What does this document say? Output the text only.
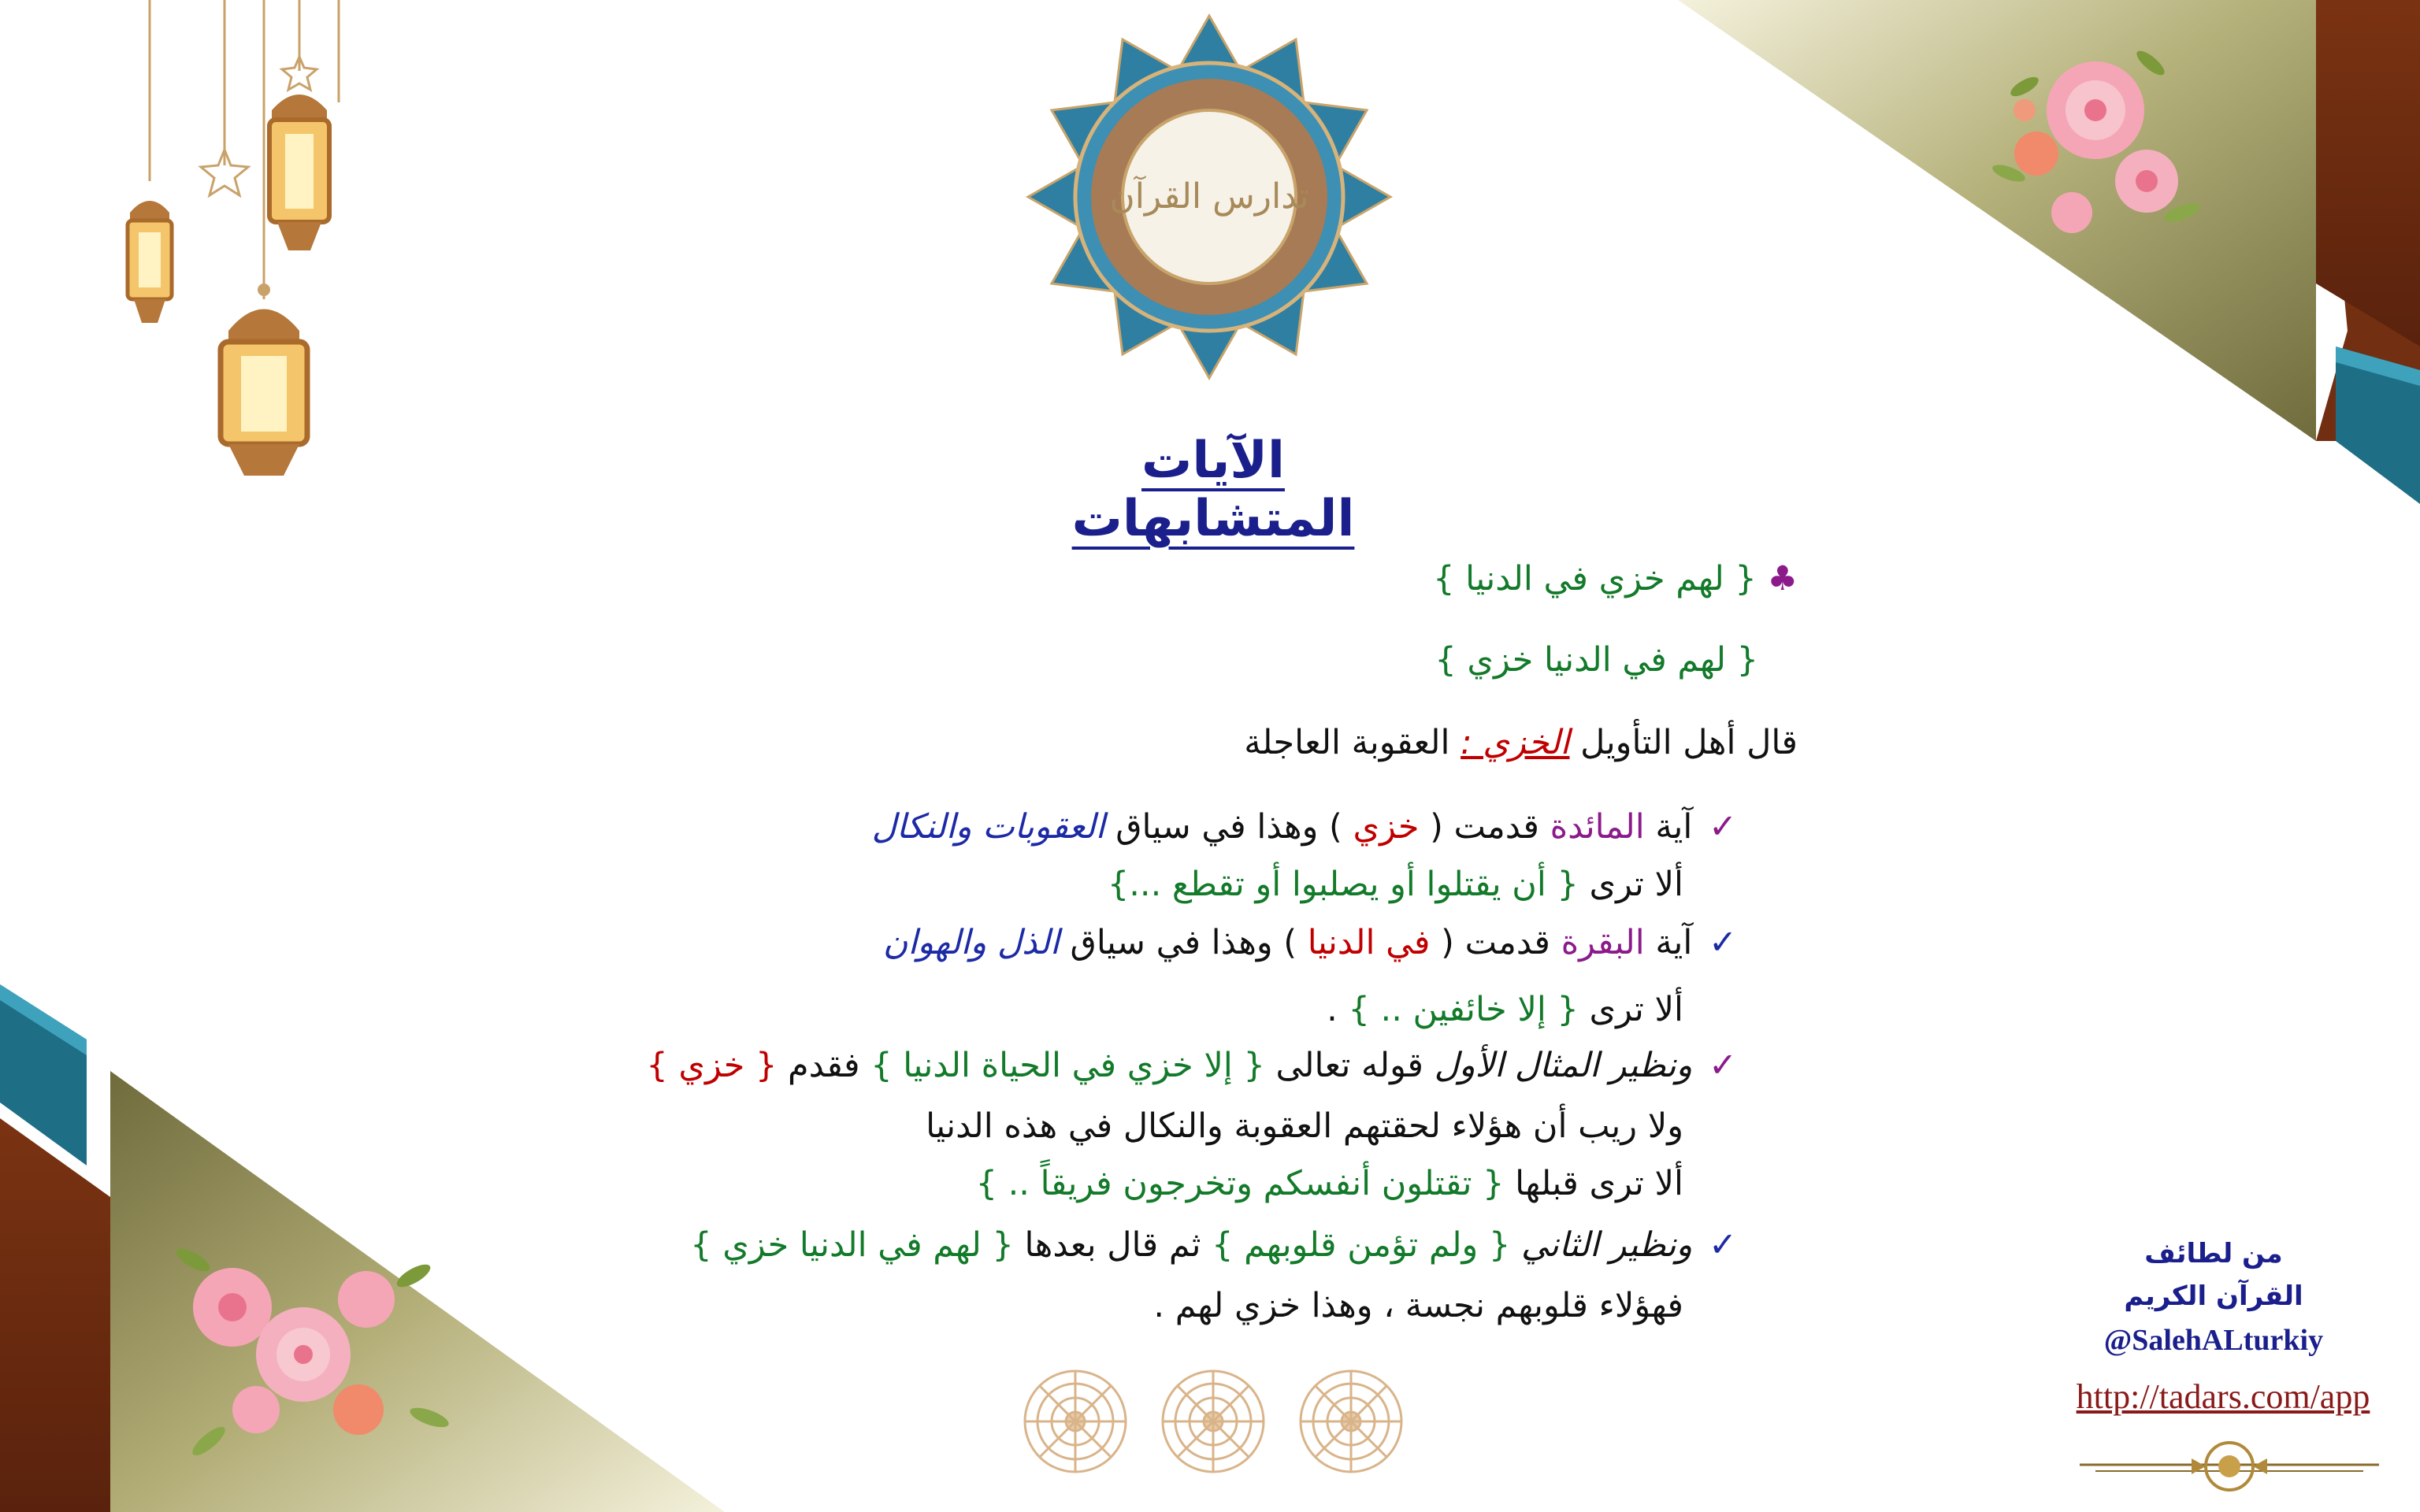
تدارس القرآن
الآيات المتشابهات
♣ { لهم خزي في الدنيا }
{ لهم في الدنيا خزي }
قال أهل التأويل الخزي : العقوبة العاجلة
✓ آية المائدة قدمت ( خزي ) وهذا في سياق العقوبات والنكال
ألا ترى { أن يقتلوا أو يصلبوا أو تقطع ...}
✓ آية البقرة قدمت ( في الدنيا ) وهذا في سياق الذل والهوان
ألا ترى { إلا خائفين .. } .
✓ ونظير المثال الأول قوله تعالى { إلا خزي في الحياة الدنيا } فقدم { خزي }
ولا ريب أن هؤلاء لحقتهم العقوبة والنكال في هذه الدنيا
ألا ترى قبلها { تقتلون أنفسكم وتخرجون فريقاً .. }
✓ ونظير الثاني { ولم تؤمن قلوبهم } ثم قال بعدها { لهم في الدنيا خزي }
فهؤلاء قلوبهم نجسة ، وهذا خزي لهم .
من لطائف
القرآن الكريم
@SalehALturkiy
http://tadars.com/app
